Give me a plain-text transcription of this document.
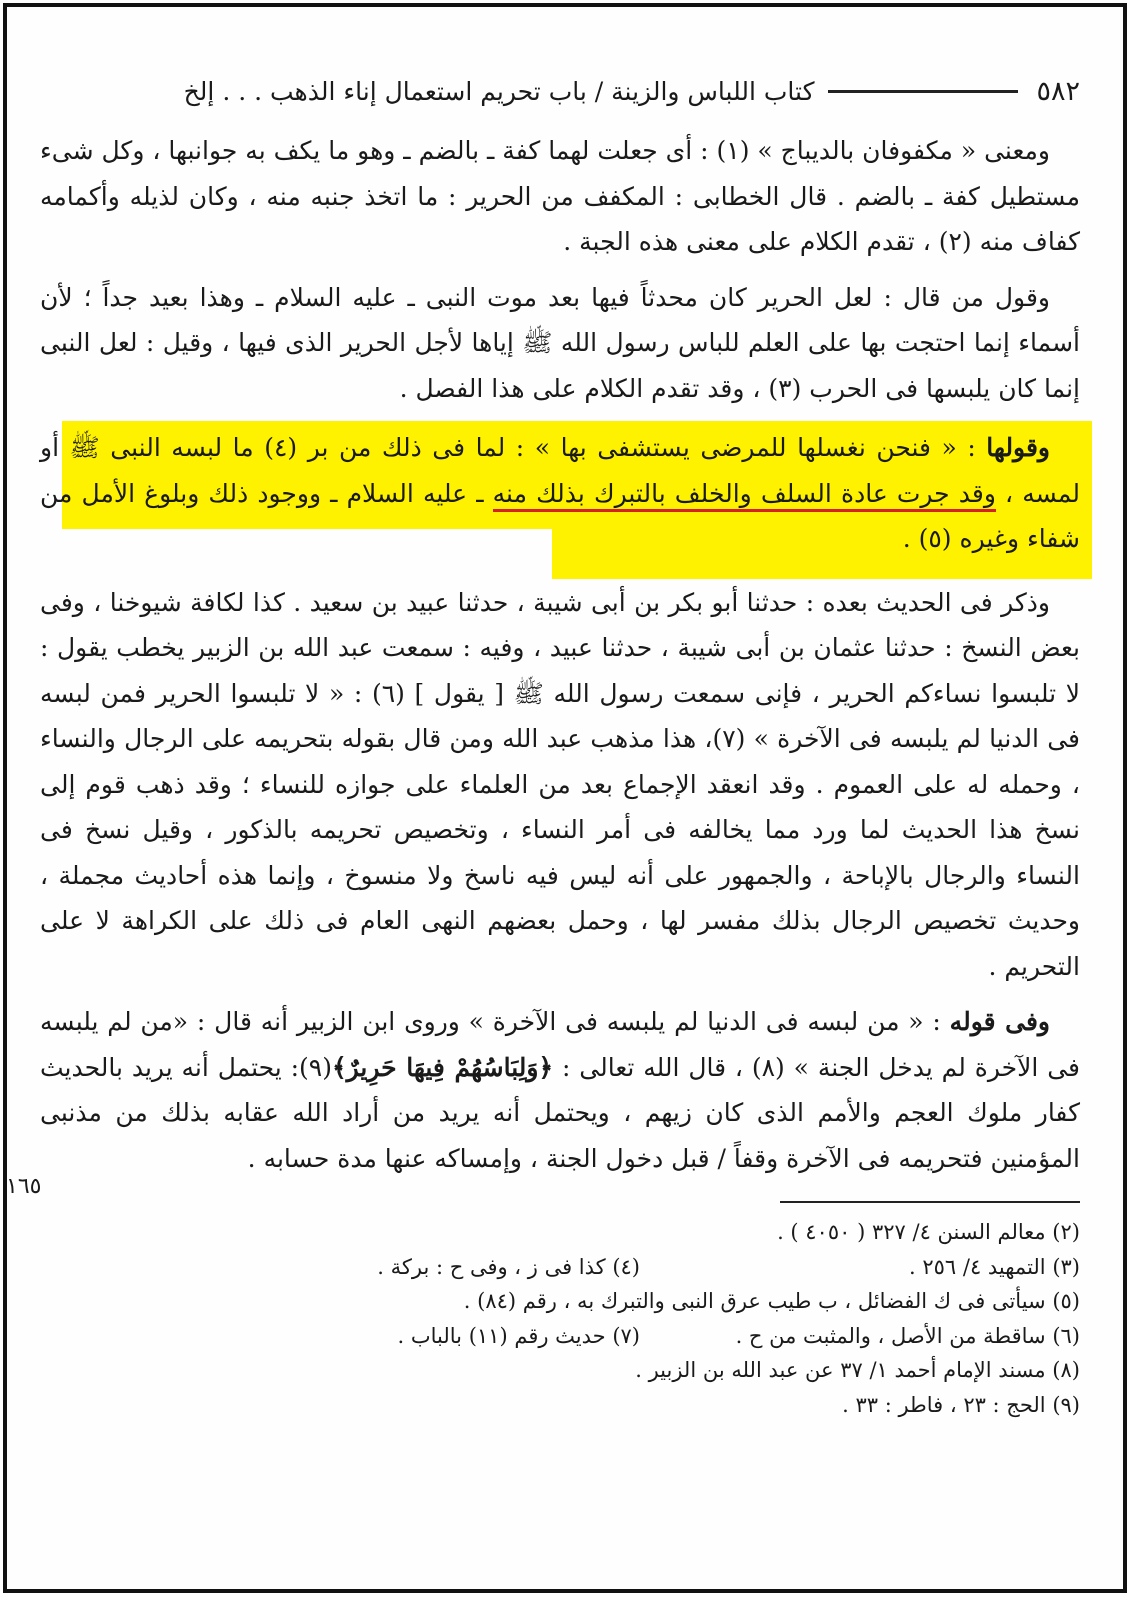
٥٨٢
كتاب اللباس والزينة / باب تحريم استعمال إناء الذهب . . . إلخ

ومعنى « مكفوفان بالديباج » (١) : أى جعلت لهما كفة ـ بالضم ـ وهو ما يكف به جوانبها ، وكل شىء مستطيل كفة ـ بالضم . قال الخطابى : المكفف من الحرير : ما اتخذ جنبه منه ، وكان لذيله وأكمامه كفاف منه (٢) ، تقدم الكلام على معنى هذه الجبة .

وقول من قال : لعل الحرير كان محدثاً فيها بعد موت النبى ـ عليه السلام ـ وهذا بعيد جداً ؛ لأن أسماء إنما احتجت بها على العلم للباس رسول الله ﷺ إياها لأجل الحرير الذى فيها ، وقيل : لعل النبى إنما كان يلبسها فى الحرب (٣) ، وقد تقدم الكلام على هذا الفصل .

وقولها : « فنحن نغسلها للمرضى يستشفى بها » : لما فى ذلك من بر (٤) ما لبسه النبى ﷺ أو لمسه ، وقد جرت عادة السلف والخلف بالتبرك بذلك منه ـ عليه السلام ـ ووجود ذلك وبلوغ الأمل من شفاء وغيره (٥) .

وذكر فى الحديث بعده : حدثنا أبو بكر بن أبى شيبة ، حدثنا عبيد بن سعيد . كذا لكافة شيوخنا ، وفى بعض النسخ : حدثنا عثمان بن أبى شيبة ، حدثنا عبيد ، وفيه : سمعت عبد الله بن الزبير يخطب يقول : لا تلبسوا نساءكم الحرير ، فإنى سمعت رسول الله ﷺ [ يقول ] (٦) : « لا تلبسوا الحرير فمن لبسه فى الدنيا لم يلبسه فى الآخرة » (٧)، هذا مذهب عبد الله ومن قال بقوله بتحريمه على الرجال والنساء ، وحمله له على العموم . وقد انعقد الإجماع بعد من العلماء على جوازه للنساء ؛ وقد ذهب قوم إلى نسخ هذا الحديث لما ورد مما يخالفه فى أمر النساء ، وتخصيص تحريمه بالذكور ، وقيل نسخ فى النساء والرجال بالإباحة ، والجمهور على أنه ليس فيه ناسخ ولا منسوخ ، وإنما هذه أحاديث مجملة ، وحديث تخصيص الرجال بذلك مفسر لها ، وحمل بعضهم النهى العام فى ذلك على الكراهة لا على التحريم .

وفى قوله : « من لبسه فى الدنيا لم يلبسه فى الآخرة » وروى ابن الزبير أنه قال : «من لم يلبسه فى الآخرة لم يدخل الجنة » (٨) ، قال الله تعالى : ﴿وَلِبَاسُهُمْ فِيهَا حَرِيرٌ﴾(٩): يحتمل أنه يريد بالحديث كفار ملوك العجم والأمم الذى كان زيهم ، ويحتمل أنه يريد من أراد الله عقابه بذلك من مذنبى المؤمنين فتحريمه فى الآخرة وقفاً / قبل دخول الجنة ، وإمساكه عنها مدة حسابه .

(٢) معالم السنن ٤/ ٣٢٧ ( ٤٠٥٠ ) .
(٣) التمهيد ٤/ ٢٥٦ .
(٤) كذا فى ز ، وفى ح : بركة .
(٥) سيأتى فى ك الفضائل ، ب طيب عرق النبى والتبرك به ، رقم (٨٤) .
(٦) ساقطة من الأصل ، والمثبت من ح .
(٧) حديث رقم (١١) بالباب .
(٨) مسند الإمام أحمد ١/ ٣٧ عن عبد الله بن الزبير .
(٩) الحج : ٢٣ ، فاطر : ٣٣ .
١٦٥
